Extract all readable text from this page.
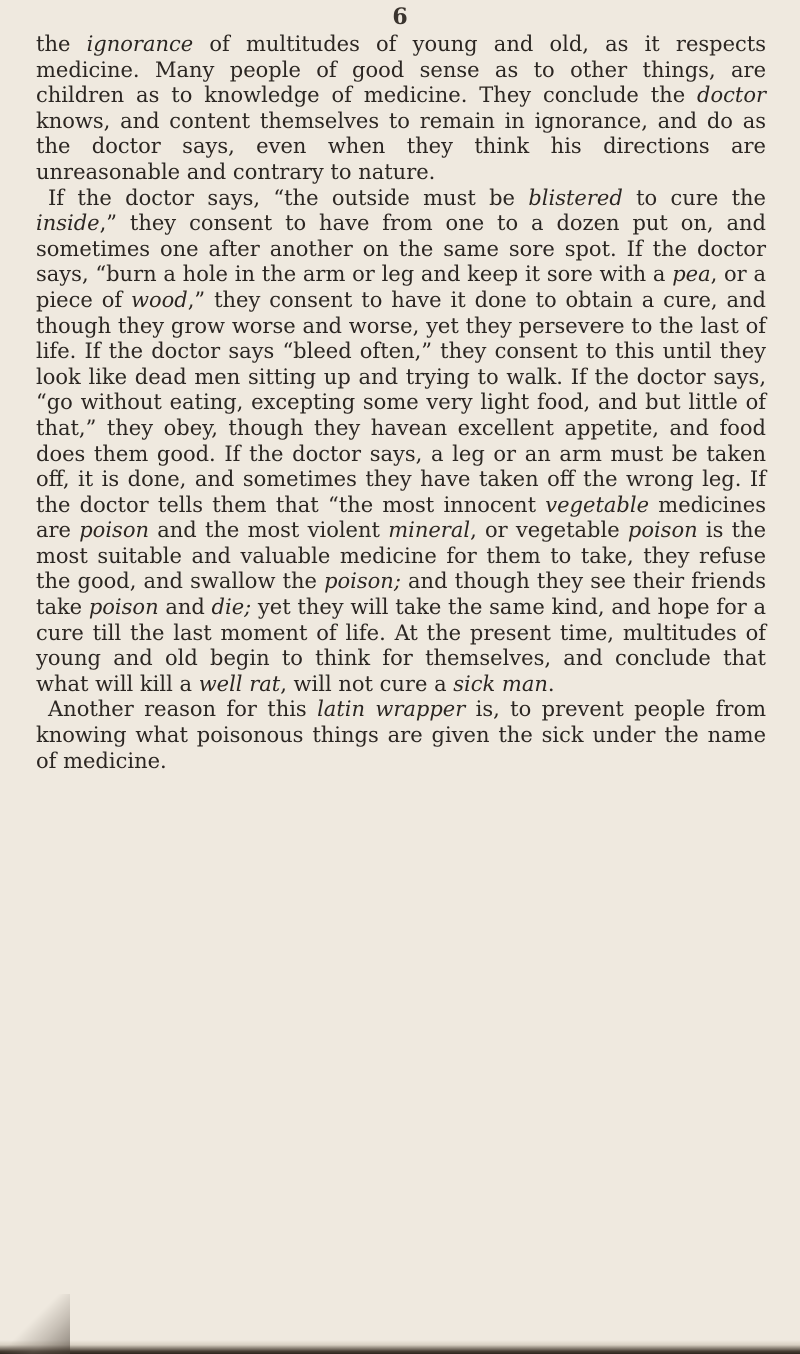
6

the ignorance of multitudes of young and old, as it respects medicine. Many people of good sense as to other things, are children as to knowledge of medicine. They conclude the doctor knows, and content themselves to remain in ignorance, and do as the doctor says, even when they think his directions are unreasonable and contrary to nature.

If the doctor says, “the outside must be blistered to cure the inside,” they consent to have from one to a dozen put on, and sometimes one after another on the same sore spot. If the doctor says, “burn a hole in the arm or leg and keep it sore with a pea, or a piece of wood,” they consent to have it done to obtain a cure, and though they grow worse and worse, yet they persevere to the last of life. If the doctor says “bleed often,” they consent to this until they look like dead men sitting up and trying to walk. If the doctor says, “go without eating, excepting some very light food, and but little of that,” they obey, though they havean excellent appetite, and food does them good. If the doctor says, a leg or an arm must be taken off, it is done, and sometimes they have taken off the wrong leg. If the doctor tells them that “the most innocent vegetable medicines are poison and the most violent mineral, or vegetable poison is the most suitable and valuable medicine for them to take, they refuse the good, and swallow the poison; and though they see their friends take poison and die; yet they will take the same kind, and hope for a cure till the last moment of life. At the present time, multitudes of young and old begin to think for themselves, and conclude that what will kill a well rat, will not cure a sick man.

Another reason for this latin wrapper is, to prevent people from knowing what poisonous things are given the sick under the name of medicine.
